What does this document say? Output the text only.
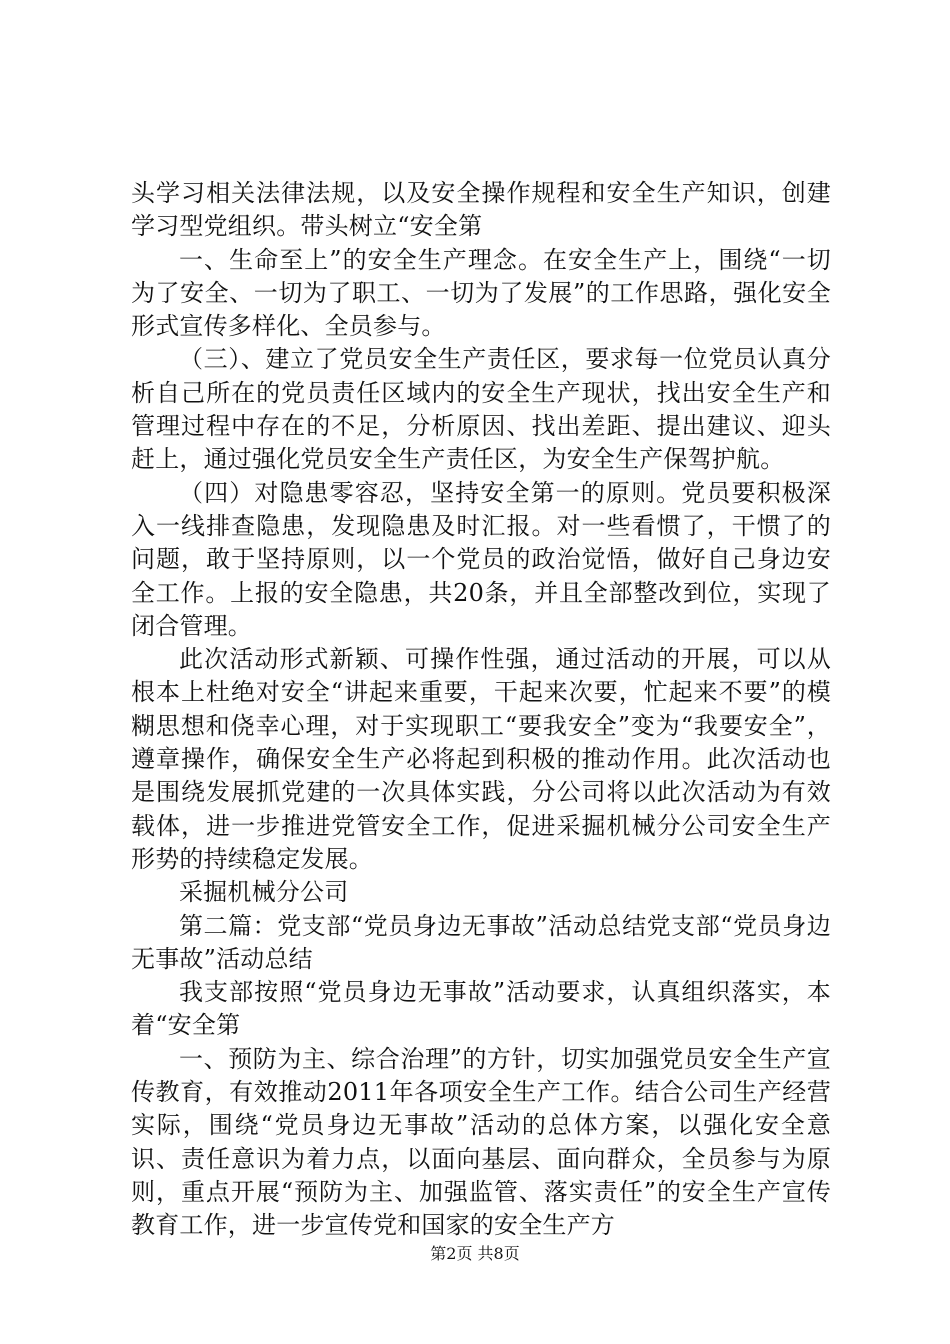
头学习相关法律法规，以及安全操作规程和安全生产知识，创建学习型党组织。带头树立“安全第

一、生命至上”的安全生产理念。在安全生产上，围绕“一切为了安全、一切为了职工、一切为了发展”的工作思路，强化安全形式宣传多样化、全员参与。

（三）、建立了党员安全生产责任区，要求每一位党员认真分析自己所在的党员责任区域内的安全生产现状，找出安全生产和管理过程中存在的不足，分析原因、找出差距、提出建议、迎头赶上，通过强化党员安全生产责任区，为安全生产保驾护航。

（四）对隐患零容忍，坚持安全第一的原则。党员要积极深入一线排查隐患，发现隐患及时汇报。对一些看惯了，干惯了的问题，敢于坚持原则，以一个党员的政治觉悟，做好自己身边安全工作。上报的安全隐患，共20条，并且全部整改到位，实现了闭合管理。

此次活动形式新颖、可操作性强，通过活动的开展，可以从根本上杜绝对安全“讲起来重要，干起来次要，忙起来不要”的模糊思想和侥幸心理，对于实现职工“要我安全”变为“我要安全”，遵章操作，确保安全生产必将起到积极的推动作用。此次活动也是围绕发展抓党建的一次具体实践，分公司将以此次活动为有效载体，进一步推进党管安全工作，促进采掘机械分公司安全生产形势的持续稳定发展。

采掘机械分公司

第二篇：党支部“党员身边无事故”活动总结党支部“党员身边无事故”活动总结

我支部按照“党员身边无事故”活动要求，认真组织落实，本着“安全第

一、预防为主、综合治理”的方针，切实加强党员安全生产宣传教育，有效推动2011年各项安全生产工作。结合公司生产经营实际，围绕“党员身边无事故”活动的总体方案，以强化安全意识、责任意识为着力点，以面向基层、面向群众，全员参与为原则，重点开展“预防为主、加强监管、落实责任”的安全生产宣传教育工作，进一步宣传党和国家的安全生产方

第2页 共8页
